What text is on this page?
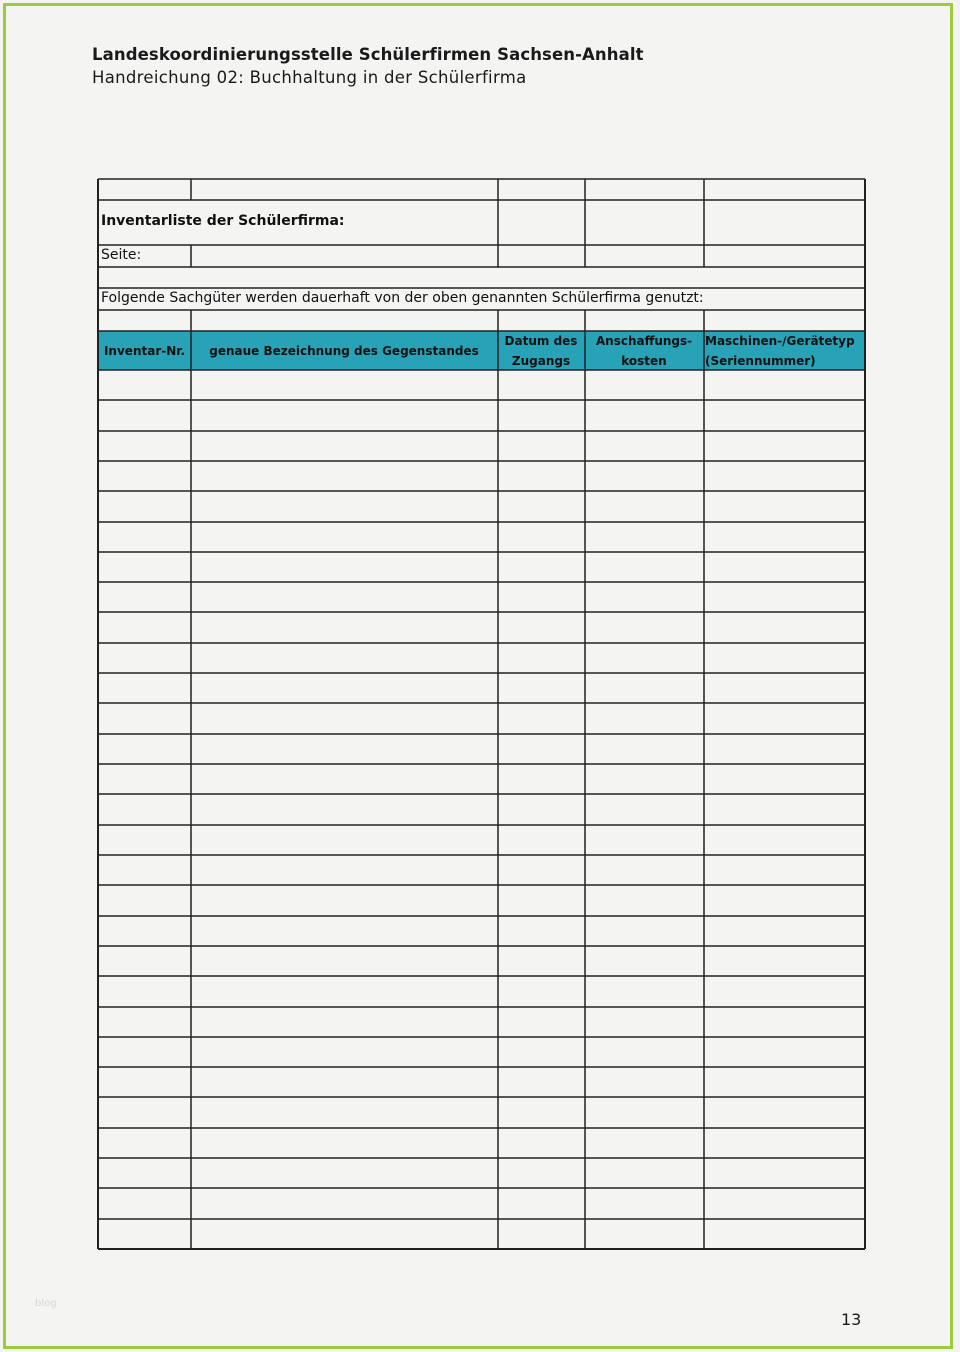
Landeskoordinierungsstelle Schülerfirmen Sachsen-Anhalt
Handreichung 02: Buchhaltung in der Schülerfirma
Inventarliste der Schülerfirma:
Seite:
Folgende Sachgüter werden dauerhaft von der oben genannten Schülerfirma genutzt:
Inventar-Nr.	genaue Bezeichnung des Gegenstandes
Datum des Zugangs
Anschaffungs-kosten
Maschinen-/Gerätetyp (Seriennummer)
blog
13
